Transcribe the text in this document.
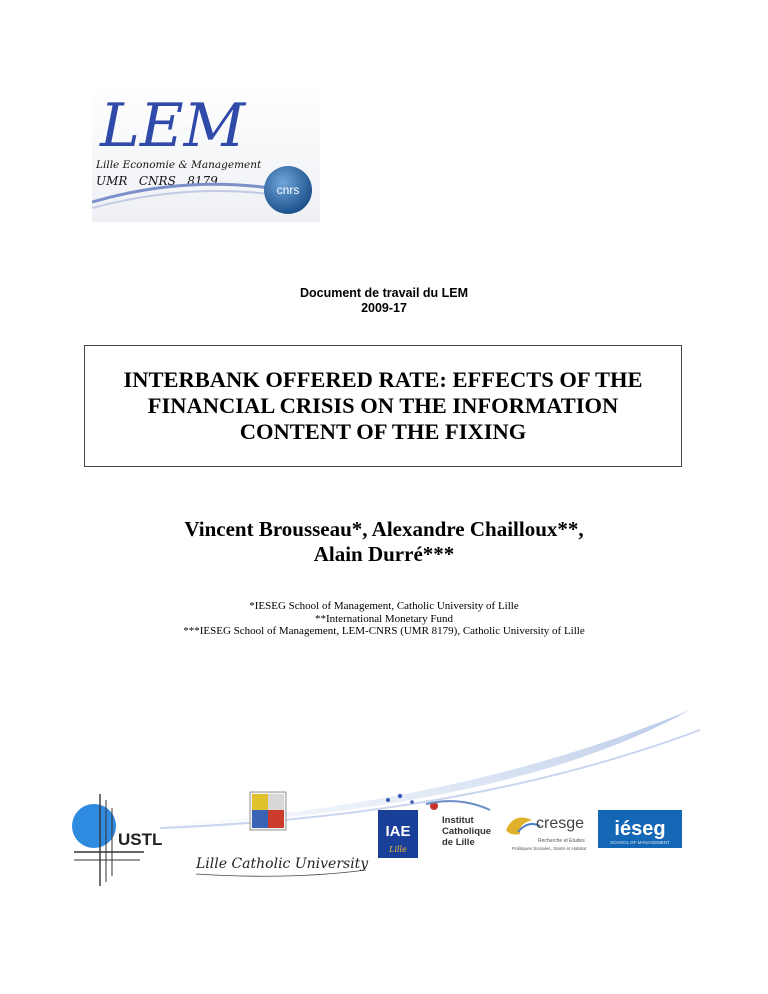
LEM
Lille Economie & Management
UMR   CNRS   8179
cnrs
Document de travail du LEM
2009-17
INTERBANK OFFERED RATE: EFFECTS OF THE
FINANCIAL CRISIS ON THE INFORMATION
CONTENT OF THE FIXING
Vincent Brousseau*, Alexandre Chailloux**,
Alain Durré***
*IESEG School of Management, Catholic University of Lille
**International Monetary Fund
***IESEG School of Management, LEM-CNRS (UMR 8179), Catholic University of Lille
USTL
Lille Catholic University
IAE
Lille
Institut
Catholique
de Lille
cresge
Recherche et Etudes
Politiques Sociales, Santé et Habitat
iéseg
SCHOOL OF MANAGEMENT
